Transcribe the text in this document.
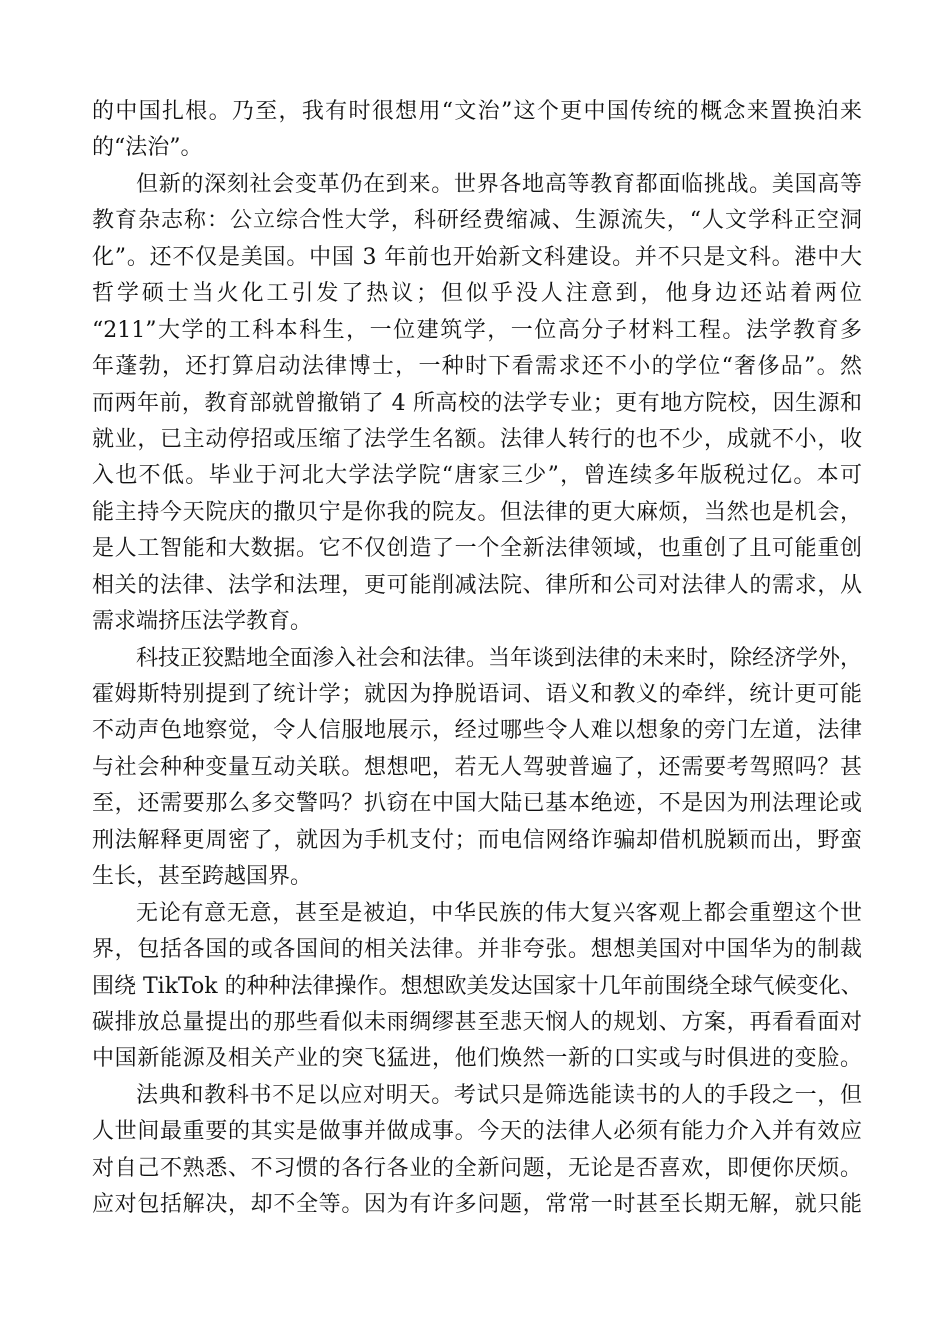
的中国扎根。乃至，我有时很想用“文治”这个更中国传统的概念来置换泊来
的“法治”。
但新的深刻社会变革仍在到来。世界各地高等教育都面临挑战。美国高等
教育杂志称：公立综合性大学，科研经费缩减、生源流失，“人文学科正空洞
化”。还不仅是美国。中国 3 年前也开始新文科建设。并不只是文科。港中大
哲学硕士当火化工引发了热议；但似乎没人注意到，他身边还站着两位
“211”大学的工科本科生，一位建筑学，一位高分子材料工程。法学教育多
年蓬勃，还打算启动法律博士，一种时下看需求还不小的学位“奢侈品”。然
而两年前，教育部就曾撤销了 4 所高校的法学专业；更有地方院校，因生源和
就业，已主动停招或压缩了法学生名额。法律人转行的也不少，成就不小，收
入也不低。毕业于河北大学法学院“唐家三少”，曾连续多年版税过亿。本可
能主持今天院庆的撒贝宁是你我的院友。但法律的更大麻烦，当然也是机会，
是人工智能和大数据。它不仅创造了一个全新法律领域，也重创了且可能重创
相关的法律、法学和法理，更可能削减法院、律所和公司对法律人的需求，从
需求端挤压法学教育。
科技正狡黠地全面渗入社会和法律。当年谈到法律的未来时，除经济学外，
霍姆斯特别提到了统计学；就因为挣脱语词、语义和教义的牵绊，统计更可能
不动声色地察觉，令人信服地展示，经过哪些令人难以想象的旁门左道，法律
与社会种种变量互动关联。想想吧，若无人驾驶普遍了，还需要考驾照吗？甚
至，还需要那么多交警吗？扒窃在中国大陆已基本绝迹，不是因为刑法理论或
刑法解释更周密了，就因为手机支付；而电信网络诈骗却借机脱颖而出，野蛮
生长，甚至跨越国界。
无论有意无意，甚至是被迫，中华民族的伟大复兴客观上都会重塑这个世
界，包括各国的或各国间的相关法律。并非夸张。想想美国对中国华为的制裁
围绕 TikTok 的种种法律操作。想想欧美发达国家十几年前围绕全球气候变化、
碳排放总量提出的那些看似未雨绸缪甚至悲天悯人的规划、方案，再看看面对
中国新能源及相关产业的突飞猛进，他们焕然一新的口实或与时俱进的变脸。
法典和教科书不足以应对明天。考试只是筛选能读书的人的手段之一，但
人世间最重要的其实是做事并做成事。今天的法律人必须有能力介入并有效应
对自己不熟悉、不习惯的各行各业的全新问题，无论是否喜欢，即便你厌烦。
应对包括解决，却不全等。因为有许多问题，常常一时甚至长期无解，就只能
